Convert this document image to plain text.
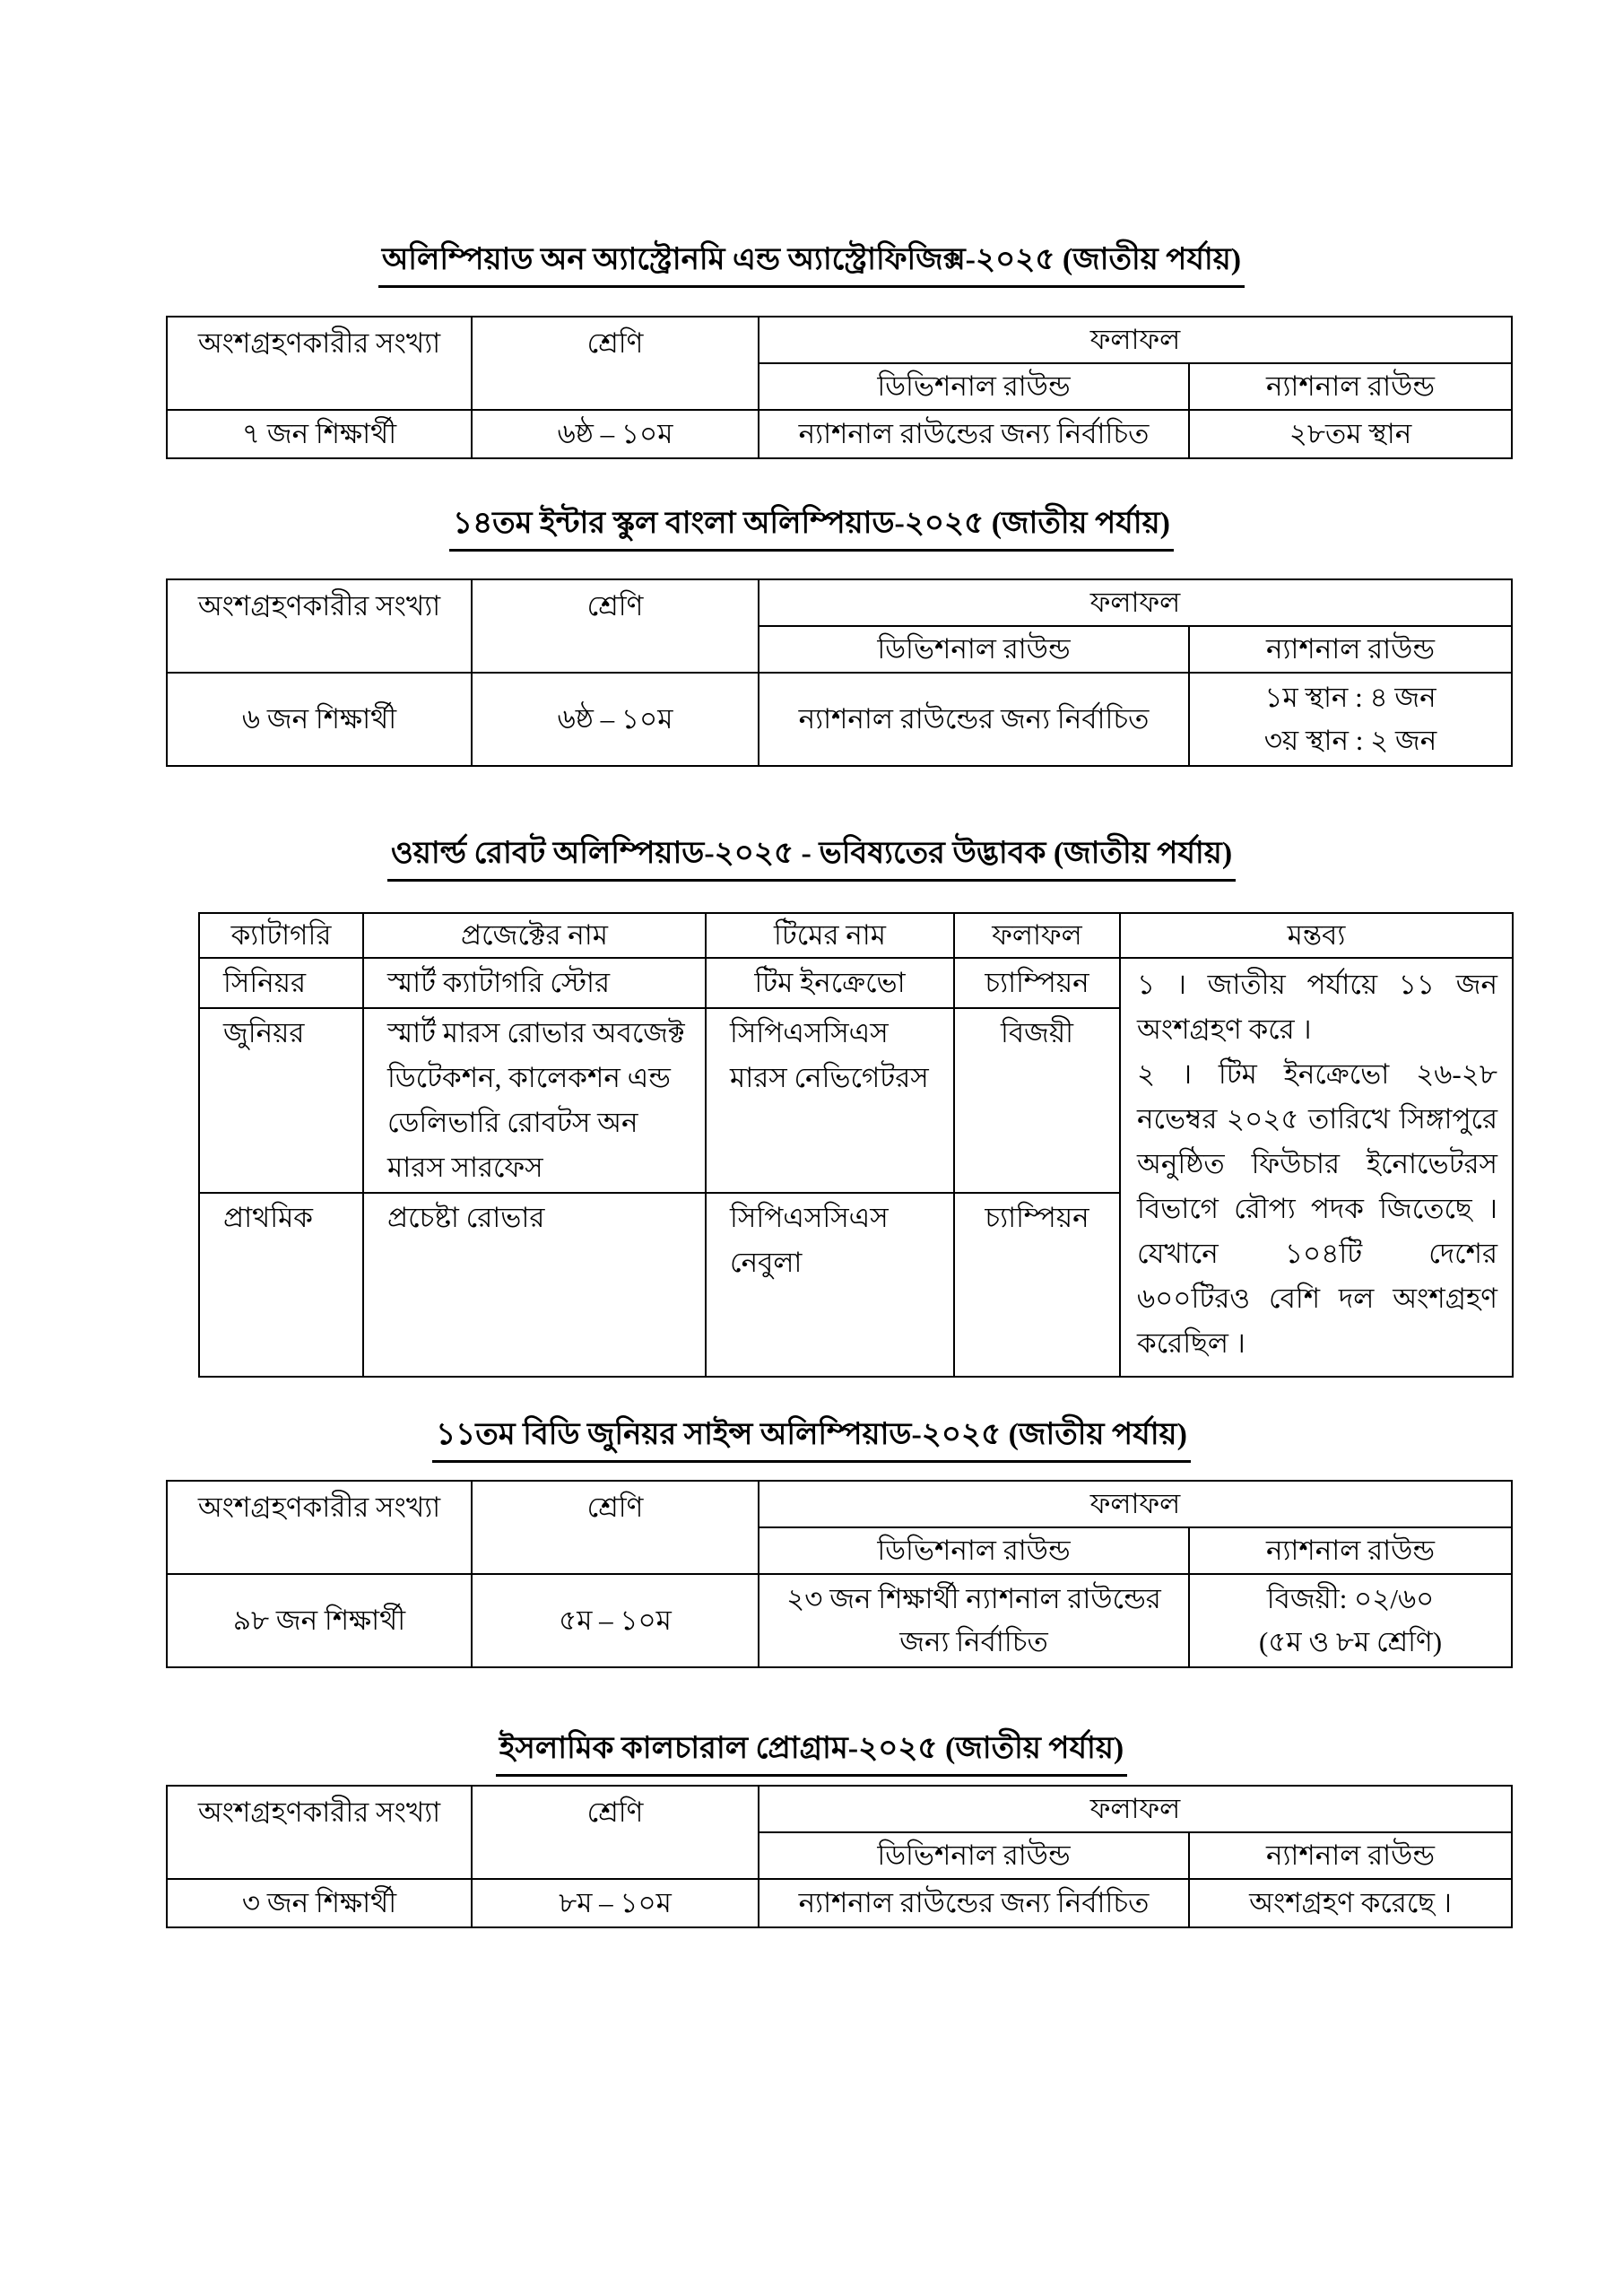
অলিম্পিয়াড অন অ্যাস্ট্রোনমি এন্ড অ্যাস্ট্রোফিজিক্স-২০২৫ (জাতীয় পর্যায়)
অংশগ্রহণকারীর সংখ্যা	শ্রেণি	ফলাফল	
		ডিভিশনাল রাউন্ড	ন্যাশনাল রাউন্ড
৭ জন শিক্ষার্থী	৬ষ্ঠ – ১০ম	ন্যাশনাল রাউন্ডের জন্য নির্বাচিত	২৮তম স্থান
১৪তম ইন্টার স্কুল বাংলা অলিম্পিয়াড-২০২৫ (জাতীয় পর্যায়)
অংশগ্রহণকারীর সংখ্যা	শ্রেণি	ফলাফল	
		ডিভিশনাল রাউন্ড	ন্যাশনাল রাউন্ড
৬ জন শিক্ষার্থী	৬ষ্ঠ – ১০ম	ন্যাশনাল রাউন্ডের জন্য নির্বাচিত	১ম স্থান : ৪ জন
৩য় স্থান : ২ জন
ওয়ার্ল্ড রোবট অলিম্পিয়াড-২০২৫ - ভবিষ্যতের উদ্ভাবক (জাতীয় পর্যায়)
ক্যাটাগরি	প্রজেক্টের নাম	টিমের নাম	ফলাফল	মন্তব্য
সিনিয়র	স্মার্ট ক্যাটাগরি স্টোর	টিম ইনক্রেভো	চ্যাম্পিয়ন	১ । জাতীয় পর্যায়ে ১১ জন অংশগ্রহণ করে ।

২ । টিম ইনক্রেভো ২৬-২৮ নভেম্বর ২০২৫ তারিখে সিঙ্গাপুরে অনুষ্ঠিত ফিউচার ইনোভেটরস বিভাগে রৌপ্য পদক জিতেছে । যেখানে ১০৪টি দেশের ৬০০টিরও বেশি দল অংশগ্রহণ করেছিল ।

জুনিয়র	স্মার্ট মারস রোভার অবজেক্ট ডিটেকশন, কালেকশন এন্ড ডেলিভারি রোবটস অন মারস সারফেস	সিপিএসসিএস মারস নেভিগেটরস	বিজয়ী	
প্রাথমিক	প্রচেষ্টা রোভার	সিপিএসসিএস নেবুলা	চ্যাম্পিয়ন	
১১তম বিডি জুনিয়র সাইন্স অলিম্পিয়াড-২০২৫ (জাতীয় পর্যায়)
অংশগ্রহণকারীর সংখ্যা	শ্রেণি	ফলাফল	
		ডিভিশনাল রাউন্ড	ন্যাশনাল রাউন্ড
৯৮ জন শিক্ষার্থী	৫ম – ১০ম	২৩ জন শিক্ষার্থী ন্যাশনাল রাউন্ডের জন্য নির্বাচিত	বিজয়ী: ০২/৬০
(৫ম ও ৮ম শ্রেণি)
ইসলামিক কালচারাল প্রোগ্রাম-২০২৫ (জাতীয় পর্যায়)
অংশগ্রহণকারীর সংখ্যা	শ্রেণি	ফলাফল	
		ডিভিশনাল রাউন্ড	ন্যাশনাল রাউন্ড
৩ জন শিক্ষার্থী	৮ম – ১০ম	ন্যাশনাল রাউন্ডের জন্য নির্বাচিত	অংশগ্রহণ করেছে ।
